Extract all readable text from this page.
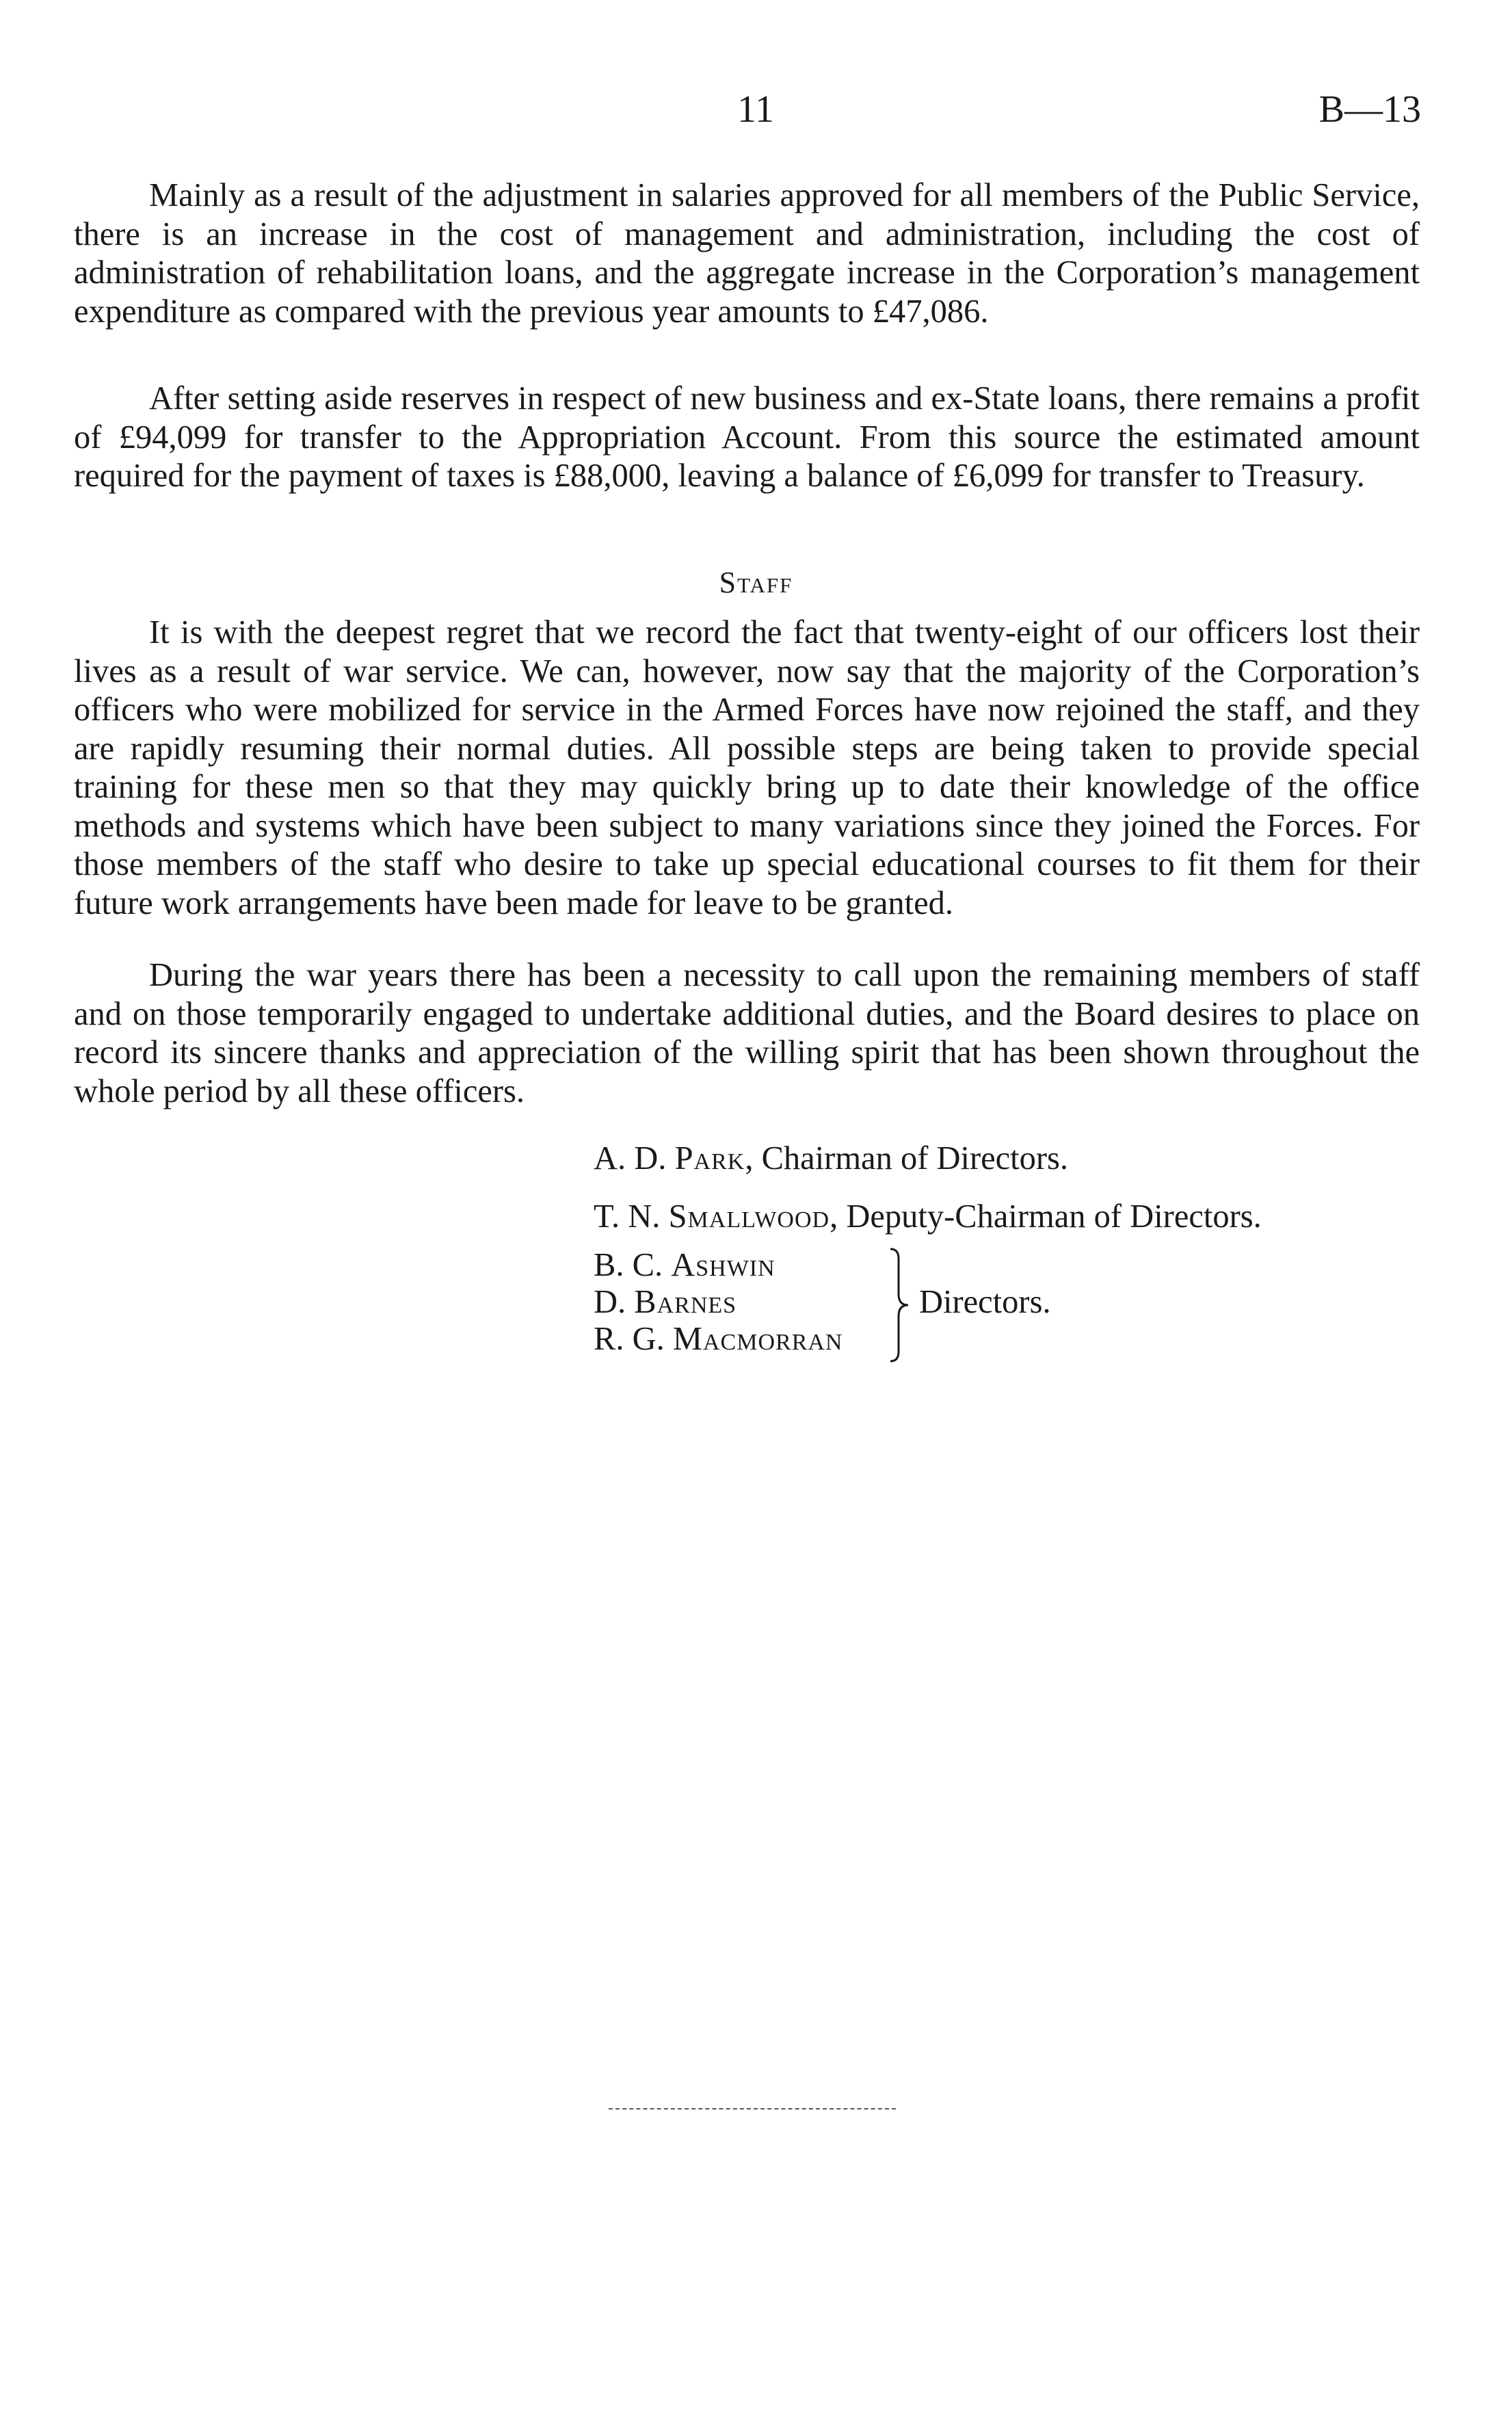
11	B—13

Mainly as a result of the adjustment in salaries approved for all members of the Public Service, there is an increase in the cost of management and administration, including the cost of administration of rehabilitation loans, and the aggregate increase in the Corporation’s management expenditure as compared with the previous year amounts to £47,086.

After setting aside reserves in respect of new business and ex-State loans, there remains a profit of £94,099 for transfer to the Appropriation Account. From this source the estimated amount required for the payment of taxes is £88,000, leaving a balance of £6,099 for transfer to Treasury.

Staff

It is with the deepest regret that we record the fact that twenty-eight of our officers lost their lives as a result of war service. We can, however, now say that the majority of the Corporation’s officers who were mobilized for service in the Armed Forces have now rejoined the staff, and they are rapidly resuming their normal duties. All possible steps are being taken to provide special training for these men so that they may quickly bring up to date their knowledge of the office methods and systems which have been subject to many variations since they joined the Forces. For those members of the staff who desire to take up special educational courses to fit them for their future work arrangements have been made for leave to be granted.

During the war years there has been a necessity to call upon the remaining members of staff and on those temporarily engaged to undertake additional duties, and the Board desires to place on record its sincere thanks and appreciation of the willing spirit that has been shown throughout the whole period by all these officers.

A. D. Park, Chairman of Directors.
T. N. Smallwood, Deputy-Chairman of Directors.
B. C. Ashwin
D. Barnes
R. G. Macmorran
Directors.
